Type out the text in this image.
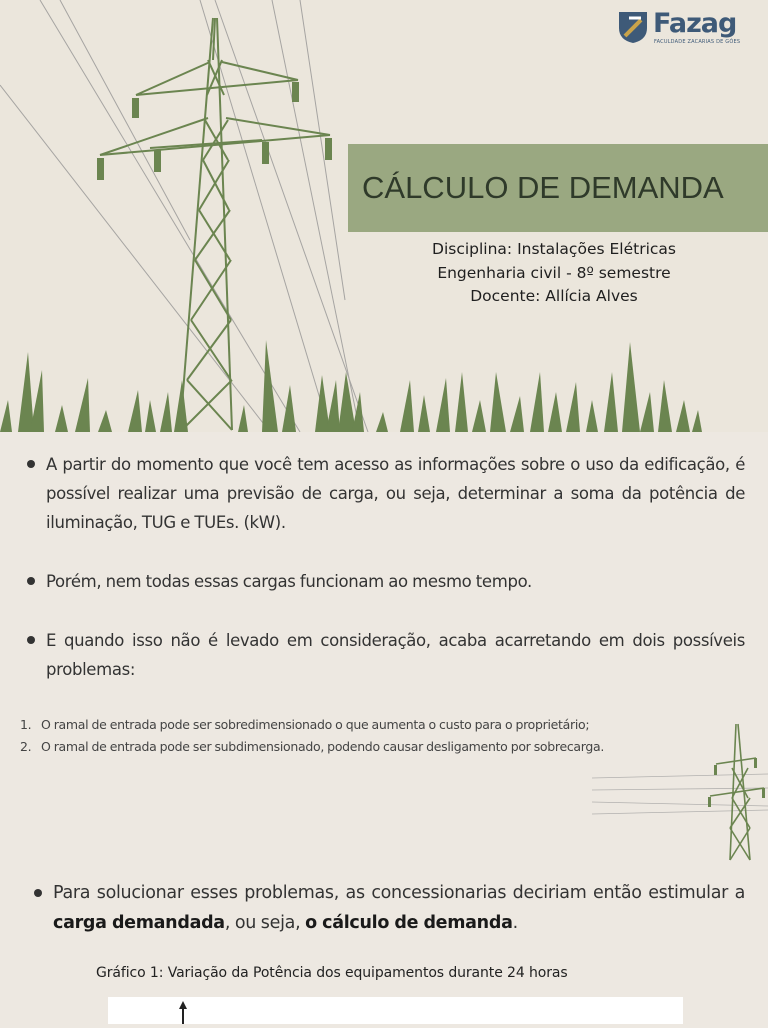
Fazag
FACULDADE ZACARIAS DE GÓES
CÁLCULO DE DEMANDA
Disciplina: Instalações Elétricas
Engenharia civil - 8º semestre
Docente: Allícia Alves
A partir do momento que você tem acesso as informações sobre o uso da edificação, é possível realizar uma previsão de carga, ou seja, determinar a soma da potência de iluminação, TUG e TUEs. (kW).
Porém, nem todas essas cargas funcionam ao mesmo tempo.
E quando isso não é levado em consideração, acaba acarretando em dois possíveis problemas:
1. O ramal de entrada pode ser sobredimensionado o que aumenta o custo para o proprietário;
2. O ramal de entrada pode ser subdimensionado, podendo causar desligamento por sobrecarga.
Para solucionar esses problemas, as concessionarias deciriam então estimular a carga demandada, ou seja, o cálculo de demanda.
Gráfico 1: Variação da Potência dos equipamentos durante 24 horas
